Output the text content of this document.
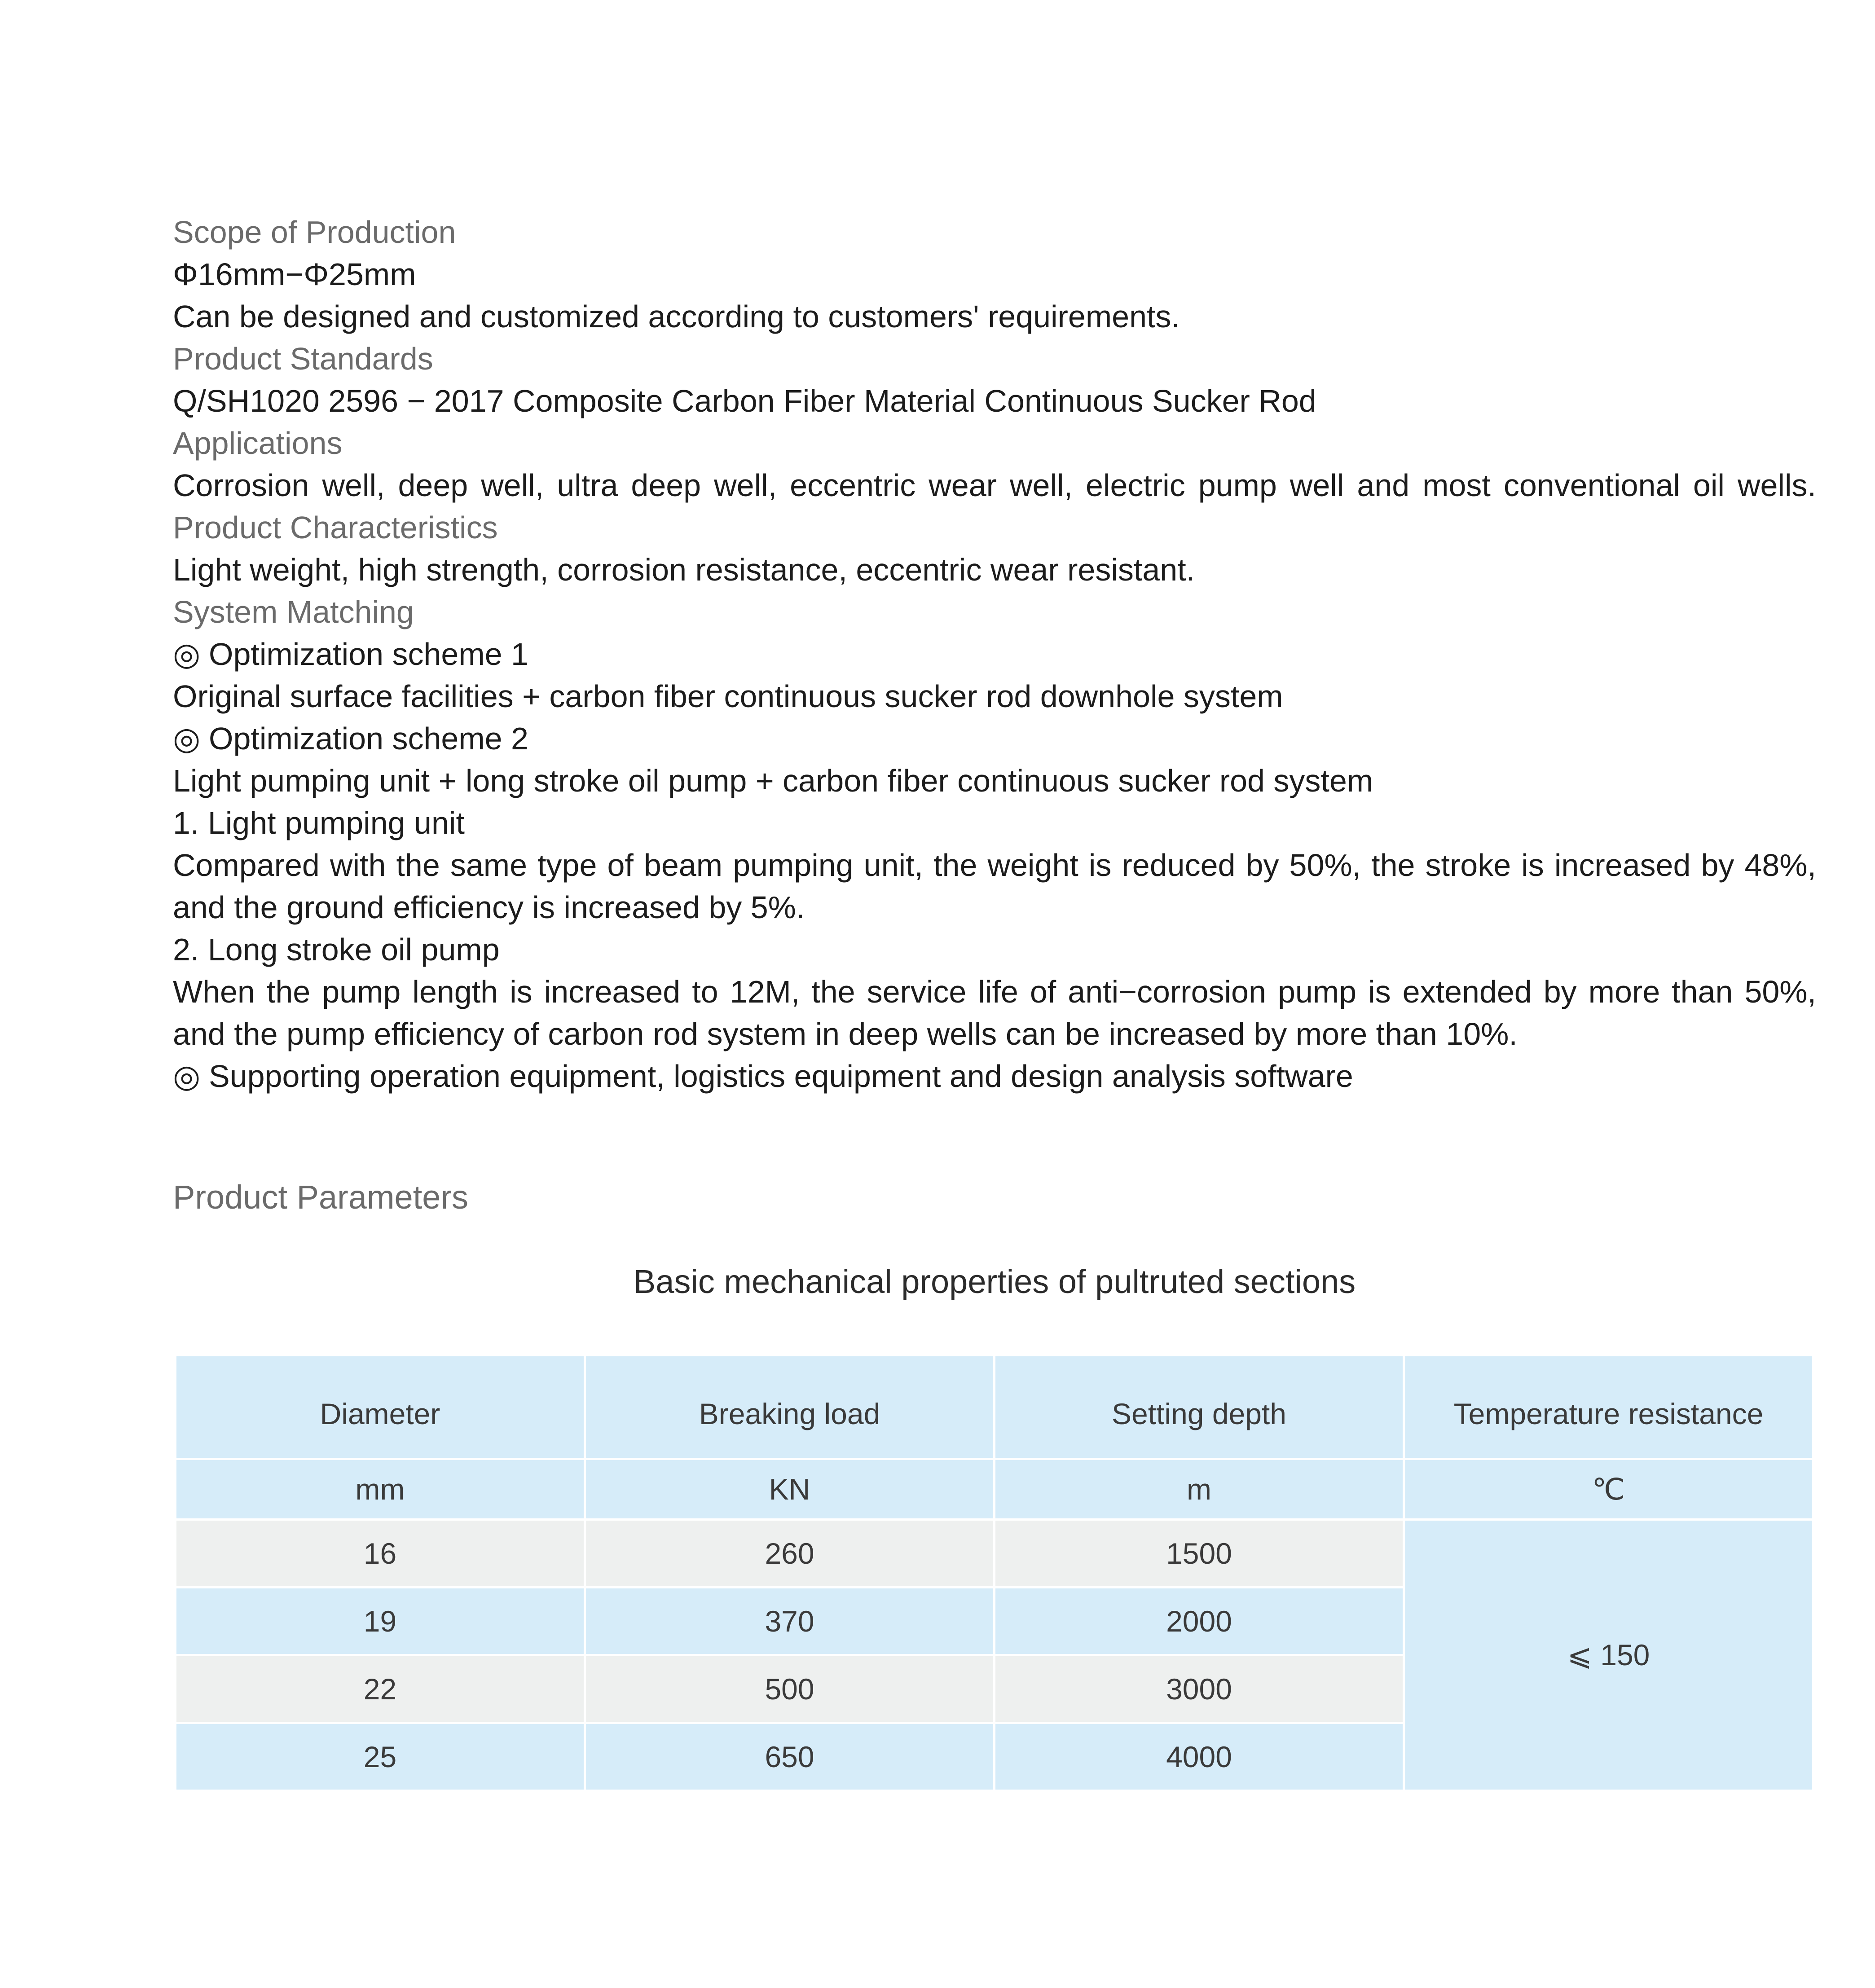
Scope of Production

Φ16mm−Φ25mm

Can be designed and customized according to customers' requirements.

Product Standards

Q/SH1020 2596 − 2017 Composite Carbon Fiber Material Continuous Sucker Rod

Applications

Corrosion well, deep well, ultra deep well, eccentric wear well, electric pump well and most conventional oil wells.

Product Characteristics

Light weight, high strength, corrosion resistance, eccentric wear resistant.

System Matching

◎ Optimization scheme 1

Original surface facilities + carbon fiber continuous sucker rod downhole system

◎ Optimization scheme 2

Light pumping unit + long stroke oil pump + carbon fiber continuous sucker rod system

1. Light pumping unit

Compared with the same type of beam pumping unit, the weight is reduced by 50%, the stroke is increased by 48%, and the ground efficiency is increased by 5%.

2. Long stroke oil pump

When the pump length is increased to 12M, the service life of anti−corrosion pump is extended by more than 50%, and the pump efficiency of carbon rod system in deep wells can be increased by more than 10%.

◎ Supporting operation equipment, logistics equipment and design analysis software

Product Parameters
Basic mechanical properties of pultruted sections
Diameter	Breaking load	Setting depth	Temperature resistance
mm	KN	m	℃
16	260	1500	⩽ 150
19	370	2000	
22	500	3000	
25	650	4000	
